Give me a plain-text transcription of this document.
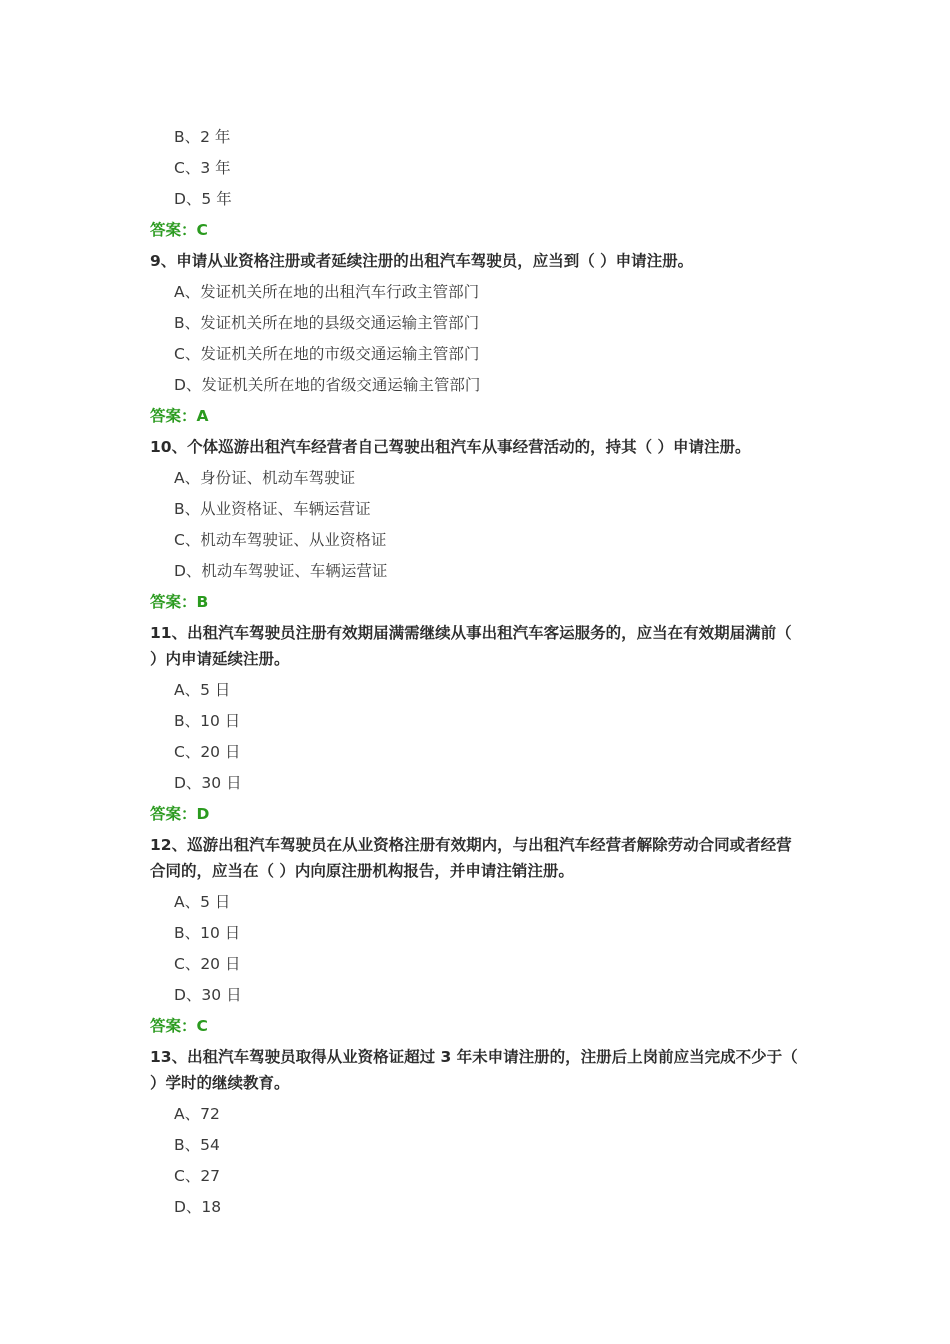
B、2 年
C、3 年
D、5 年
答案：C
9、申请从业资格注册或者延续注册的出租汽车驾驶员，应当到（ ）申请注册。
A、发证机关所在地的出租汽车行政主管部门
B、发证机关所在地的县级交通运输主管部门
C、发证机关所在地的市级交通运输主管部门
D、发证机关所在地的省级交通运输主管部门
答案：A
10、个体巡游出租汽车经营者自己驾驶出租汽车从事经营活动的，持其（ ）申请注册。
A、身份证、机动车驾驶证
B、从业资格证、车辆运营证
C、机动车驾驶证、从业资格证
D、机动车驾驶证、车辆运营证
答案：B
11、出租汽车驾驶员注册有效期届满需继续从事出租汽车客运服务的，应当在有效期届满前（ ）内申请延续注册。
A、5 日
B、10 日
C、20 日
D、30 日
答案：D
12、巡游出租汽车驾驶员在从业资格注册有效期内，与出租汽车经营者解除劳动合同或者经营合同的，应当在（ ）内向原注册机构报告，并申请注销注册。
A、5 日
B、10 日
C、20 日
D、30 日
答案：C
13、出租汽车驾驶员取得从业资格证超过 3 年未申请注册的，注册后上岗前应当完成不少于（ ）学时的继续教育。
A、72
B、54
C、27
D、18
